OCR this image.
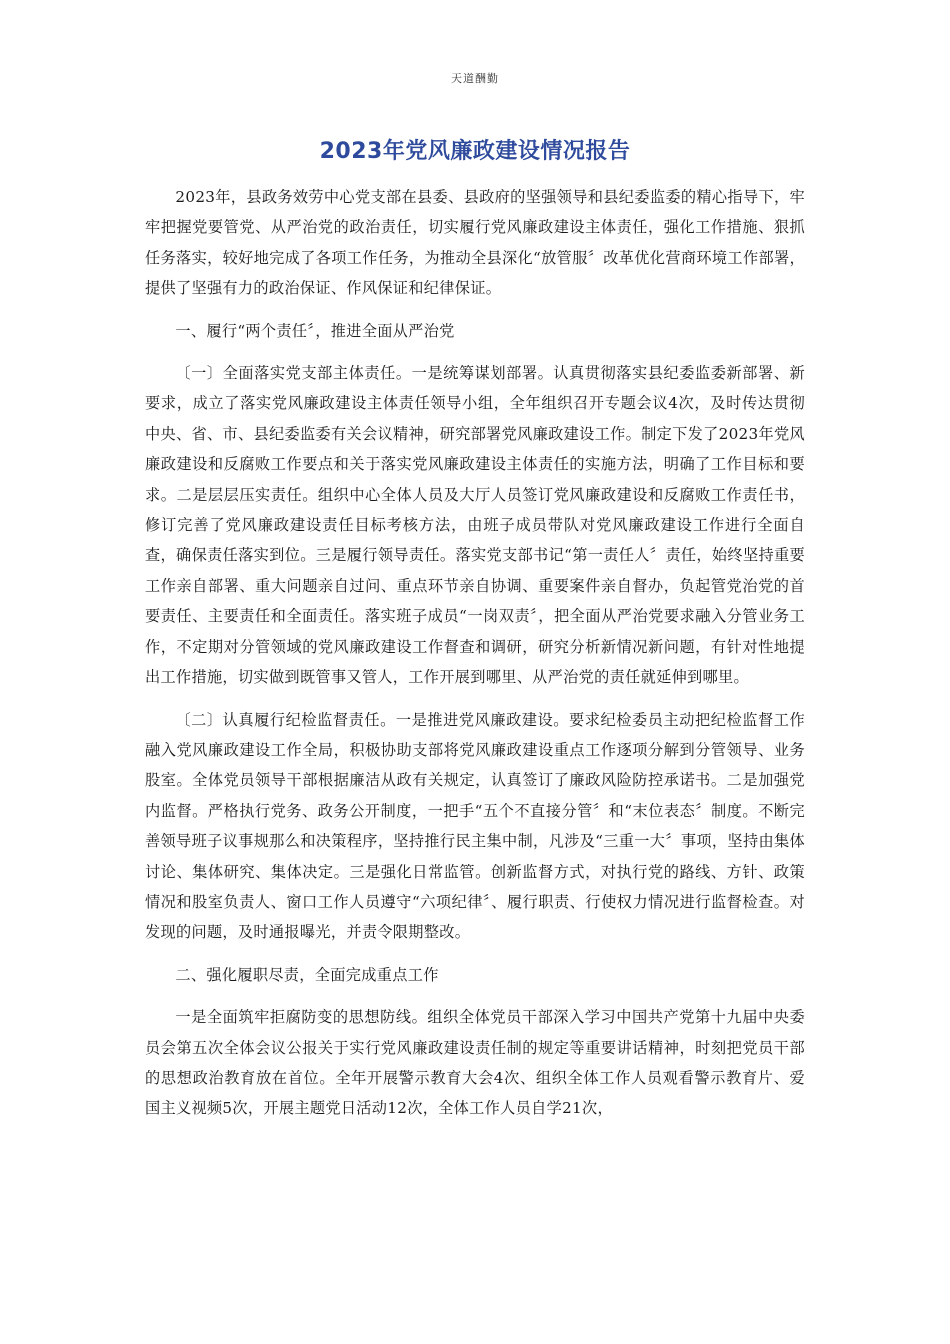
天道酬勤
2023年党风廉政建设情况报告

2023年，县政务效劳中心党支部在县委、县政府的坚强领导和县纪委监委的精心指导下，牢牢把握党要管党、从严治党的政治责任，切实履行党风廉政建设主体责任，强化工作措施、狠抓任务落实，较好地完成了各项工作任务，为推动全县深化“放管服〞改革优化营商环境工作部署，提供了坚强有力的政治保证、作风保证和纪律保证。

一、履行“两个责任〞，推进全面从严治党

〔一〕全面落实党支部主体责任。一是统筹谋划部署。认真贯彻落实县纪委监委新部署、新要求，成立了落实党风廉政建设主体责任领导小组，全年组织召开专题会议4次，及时传达贯彻中央、省、市、县纪委监委有关会议精神，研究部署党风廉政建设工作。制定下发了2023年党风廉政建设和反腐败工作要点和关于落实党风廉政建设主体责任的实施方法，明确了工作目标和要求。二是层层压实责任。组织中心全体人员及大厅人员签订党风廉政建设和反腐败工作责任书，修订完善了党风廉政建设责任目标考核方法，由班子成员带队对党风廉政建设工作进行全面自查，确保责任落实到位。三是履行领导责任。落实党支部书记“第一责任人〞责任，始终坚持重要工作亲自部署、重大问题亲自过问、重点环节亲自协调、重要案件亲自督办，负起管党治党的首要责任、主要责任和全面责任。落实班子成员“一岗双责〞，把全面从严治党要求融入分管业务工作，不定期对分管领域的党风廉政建设工作督查和调研，研究分析新情况新问题，有针对性地提出工作措施，切实做到既管事又管人，工作开展到哪里、从严治党的责任就延伸到哪里。

〔二〕认真履行纪检监督责任。一是推进党风廉政建设。要求纪检委员主动把纪检监督工作融入党风廉政建设工作全局，积极协助支部将党风廉政建设重点工作逐项分解到分管领导、业务股室。全体党员领导干部根据廉洁从政有关规定，认真签订了廉政风险防控承诺书。二是加强党内监督。严格执行党务、政务公开制度，一把手“五个不直接分管〞和“末位表态〞制度。不断完善领导班子议事规那么和决策程序，坚持推行民主集中制，凡涉及“三重一大〞事项，坚持由集体讨论、集体研究、集体决定。三是强化日常监管。创新监督方式，对执行党的路线、方针、政策情况和股室负责人、窗口工作人员遵守“六项纪律〞、履行职责、行使权力情况进行监督检查。对发现的问题，及时通报曝光，并责令限期整改。

二、强化履职尽责，全面完成重点工作

一是全面筑牢拒腐防变的思想防线。组织全体党员干部深入学习中国共产党第十九届中央委员会第五次全体会议公报关于实行党风廉政建设责任制的规定等重要讲话精神，时刻把党员干部的思想政治教育放在首位。全年开展警示教育大会4次、组织全体工作人员观看警示教育片、爱国主义视频5次，开展主题党日活动12次，全体工作人员自学21次，
